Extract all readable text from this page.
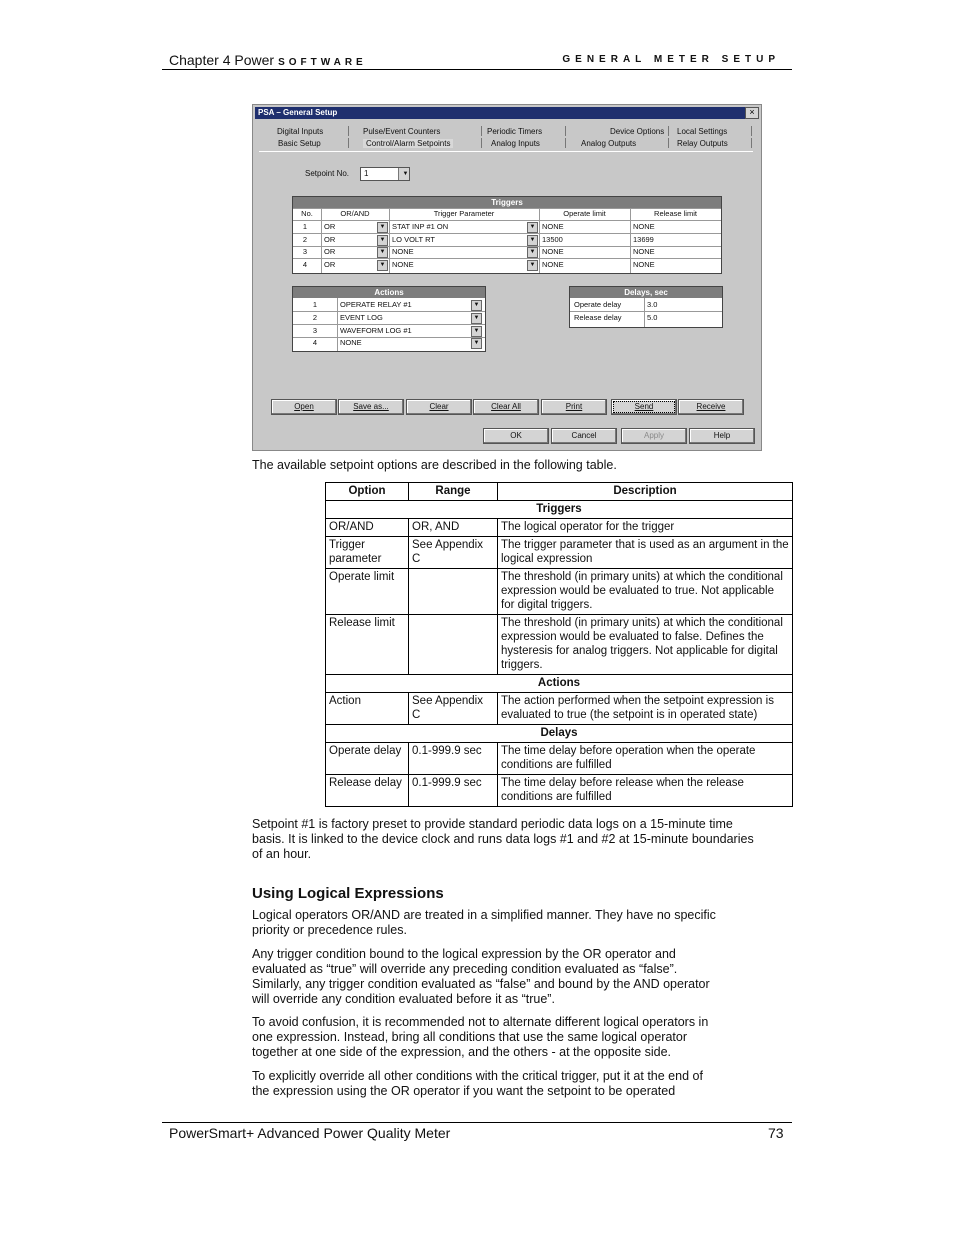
Chapter 4 Power SOFTWARE	GENERAL METER SETUP
PSA – General Setup	×
Setpoint No.	1	▼
Triggers
No.	OR/AND	Trigger Parameter	Operate limit	Release limit
1	OR	STAT INP #1 ON	NONE	NONE
▼	▼
2	OR	LO VOLT RT	13500	13699
▼	▼
3	OR	NONE	NONE	NONE
▼	▼
4	OR	NONE	NONE	NONE
▼	▼
Actions
1	OPERATE RELAY #1	▼
2	EVENT LOG	▼
3	WAVEFORM LOG #1	▼
4	NONE	▼
Delays, sec
Operate delay	3.0
Release delay	5.0
Digital Inputs	Pulse/Event Counters	Periodic Timers	Device Options Local Settings
Basic Setup	Control/Alarm Setpoints	Analog Inputs	Analog Outputs	Relay Outputs
Open	Save as...	Clear	Clear All	Print	Send	Receive
OK	Cancel	Apply	Help
The available setpoint options are described in the following table.
Option	Range	Description
Triggers		
OR/AND	OR, AND	The logical operator for the trigger
Trigger parameter	See Appendix C	The trigger parameter that is used as an argument in the logical expression
Operate limit		The threshold (in primary units) at which the conditional expression would be evaluated to true. Not applicable for digital triggers.
Release limit		The threshold (in primary units) at which the conditional expression would be evaluated to false. Defines the hysteresis for analog triggers. Not applicable for digital triggers.
Actions		
Action	See Appendix C	The action performed when the setpoint expression is evaluated to true (the setpoint is in operated state)
Delays		
Operate delay	0.1-999.9 sec	The time delay before operation when the operate conditions are fulfilled
Release delay	0.1-999.9 sec	The time delay before release when the release conditions are fulfilled
Setpoint #1 is factory preset to provide standard periodic data logs on a 15-minute time
basis. It is linked to the device clock and runs data logs #1 and #2 at 15-minute boundaries
of an hour.
Using Logical Expressions
Logical operators OR/AND are treated in a simplified manner. They have no specific
priority or precedence rules.
Any trigger condition bound to the logical expression by the OR operator and
evaluated as “true” will override any preceding condition evaluated as “false”.
Similarly, any trigger condition evaluated as “false” and bound by the AND operator
will override any condition evaluated before it as “true”.
To avoid confusion, it is recommended not to alternate different logical operators in
one expression. Instead, bring all conditions that use the same logical operator
together at one side of the expression, and the others - at the opposite side.
To explicitly override all other conditions with the critical trigger, put it at the end of
the expression using the OR operator if you want the setpoint to be operated
PowerSmart+ Advanced Power Quality Meter	73
